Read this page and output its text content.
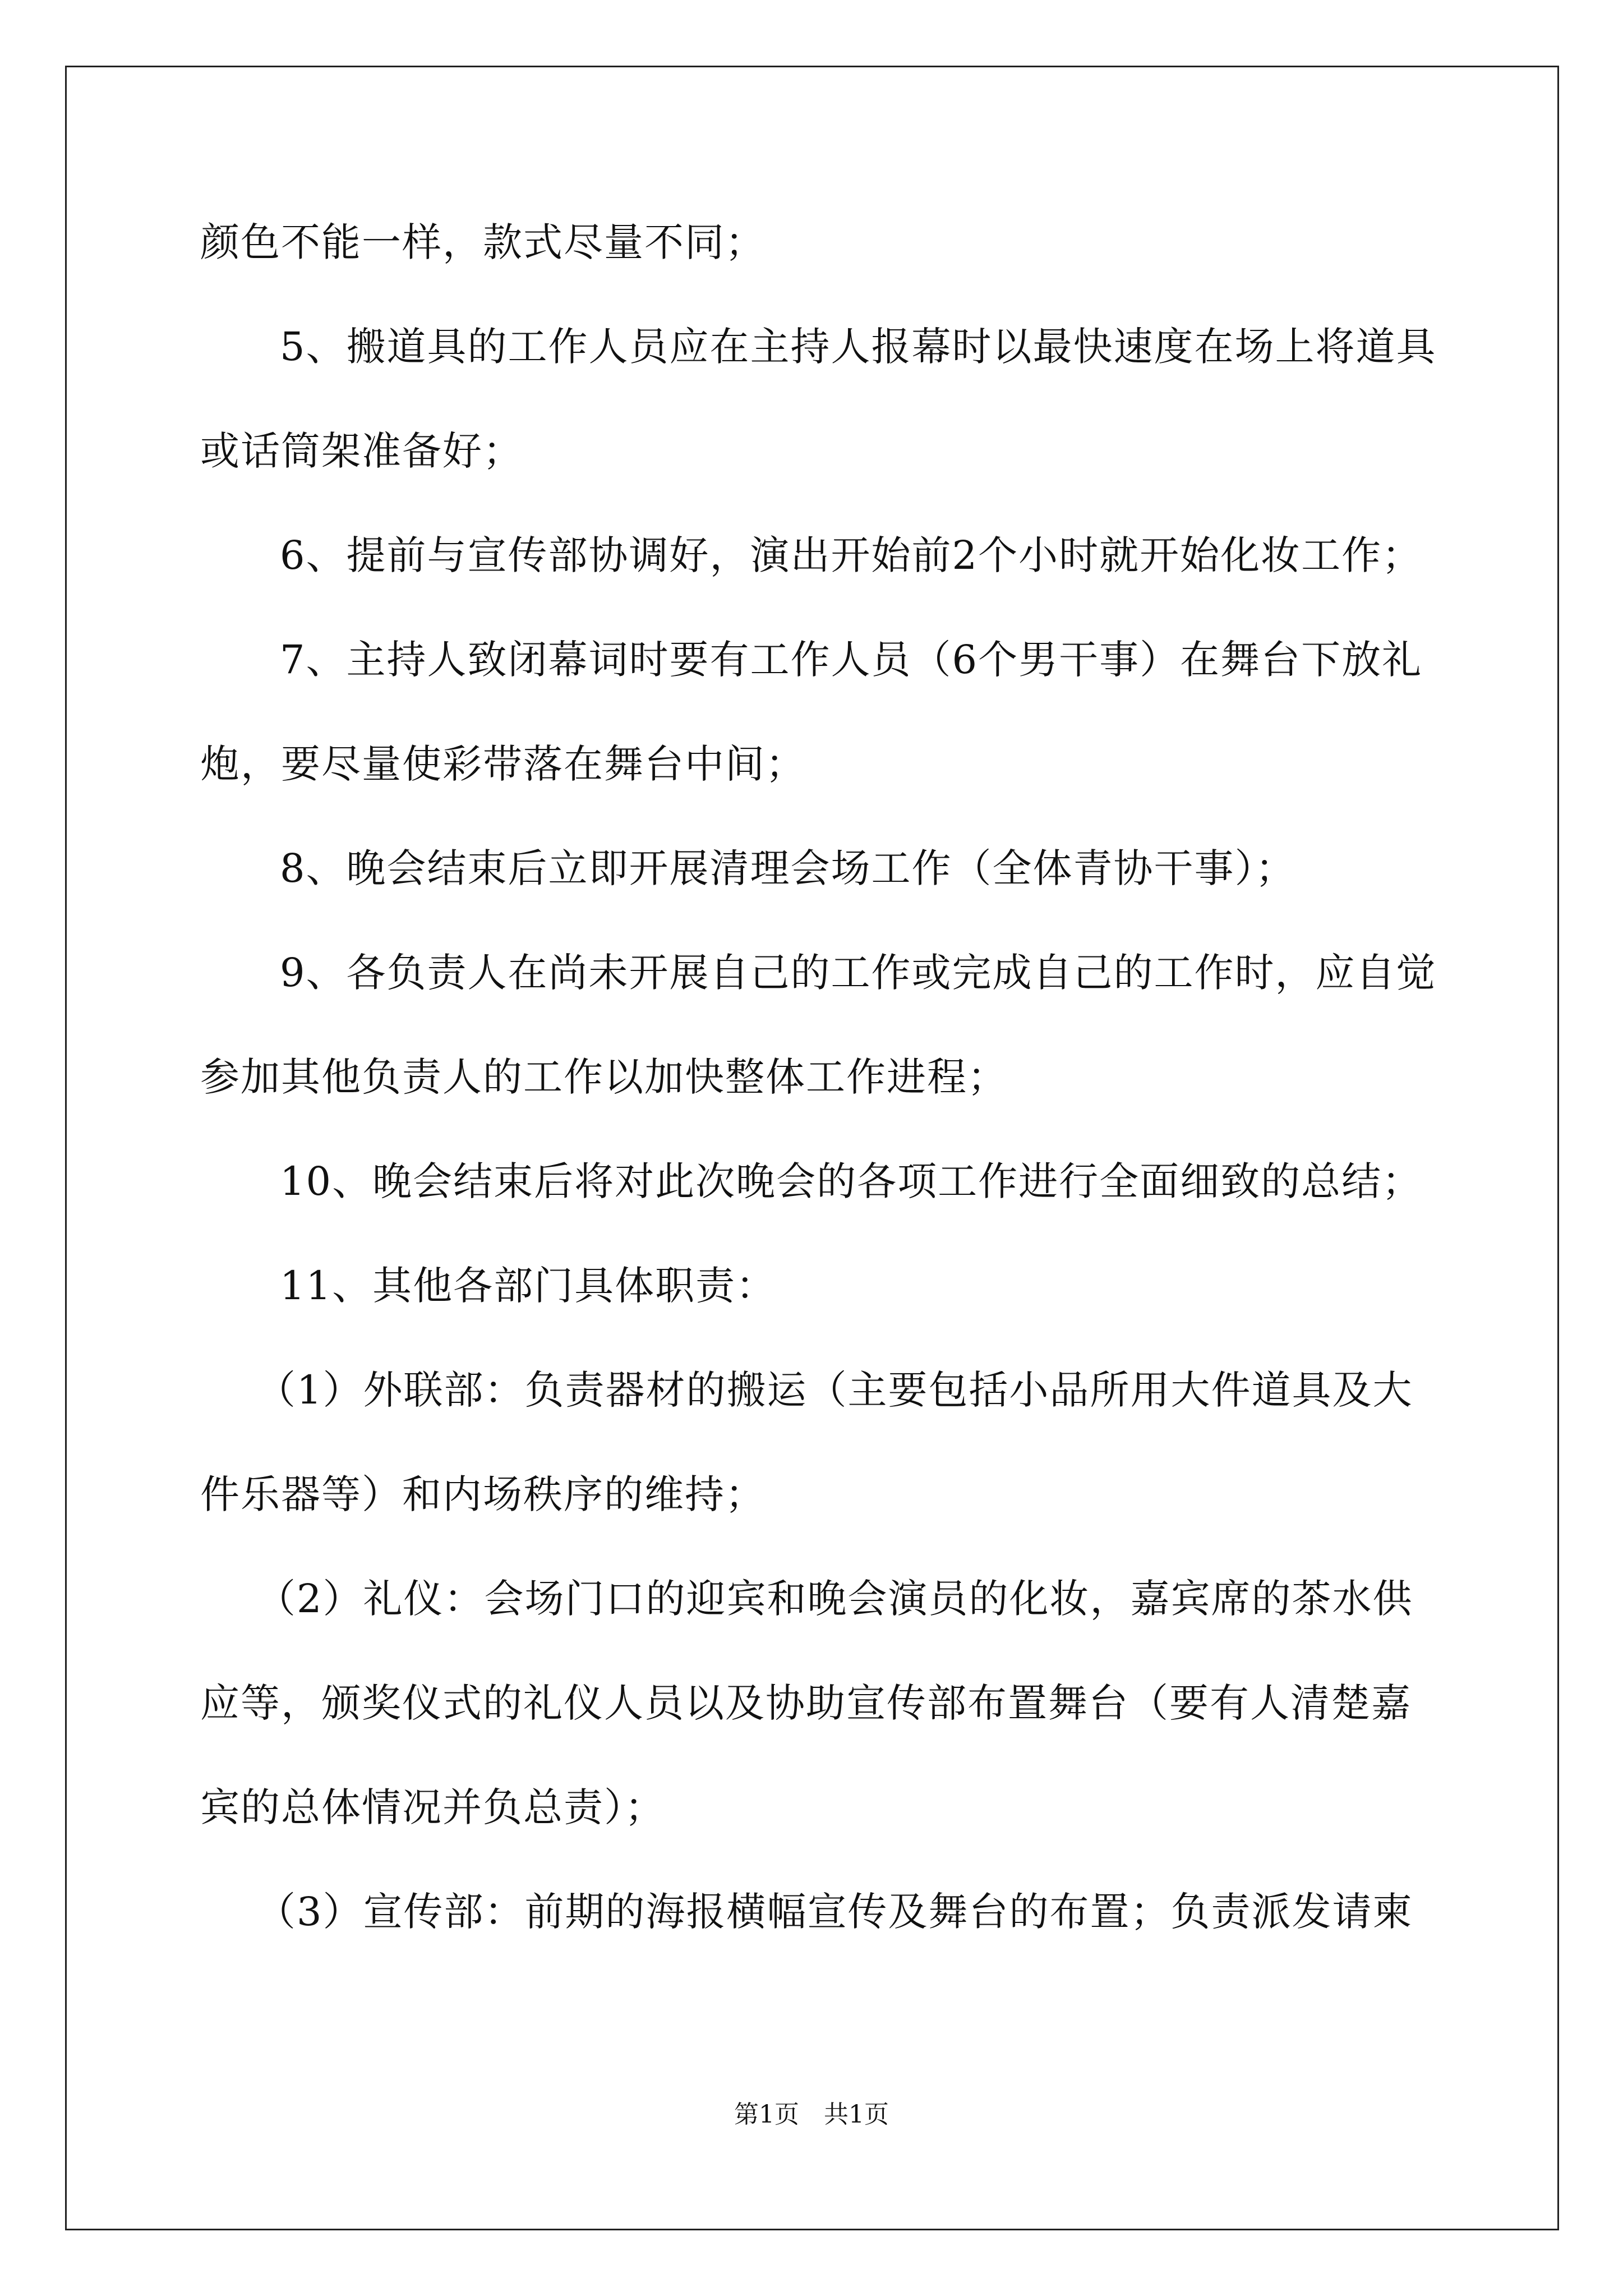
颜色不能一样，款式尽量不同；
5、搬道具的工作人员应在主持人报幕时以最快速度在场上将道具
或话筒架准备好；
6、提前与宣传部协调好，演出开始前2个小时就开始化妆工作；
7、主持人致闭幕词时要有工作人员（6个男干事）在舞台下放礼
炮，要尽量使彩带落在舞台中间；
8、晚会结束后立即开展清理会场工作（全体青协干事）；
9、各负责人在尚未开展自己的工作或完成自己的工作时，应自觉
参加其他负责人的工作以加快整体工作进程；
10、晚会结束后将对此次晚会的各项工作进行全面细致的总结；
11、其他各部门具体职责：
（1）外联部：负责器材的搬运（主要包括小品所用大件道具及大
件乐器等）和内场秩序的维持；
（2）礼仪：会场门口的迎宾和晚会演员的化妆，嘉宾席的茶水供
应等，颁奖仪式的礼仪人员以及协助宣传部布置舞台（要有人清楚嘉
宾的总体情况并负总责）；
（3）宣传部：前期的海报横幅宣传及舞台的布置；负责派发请柬
第1页　共1页
